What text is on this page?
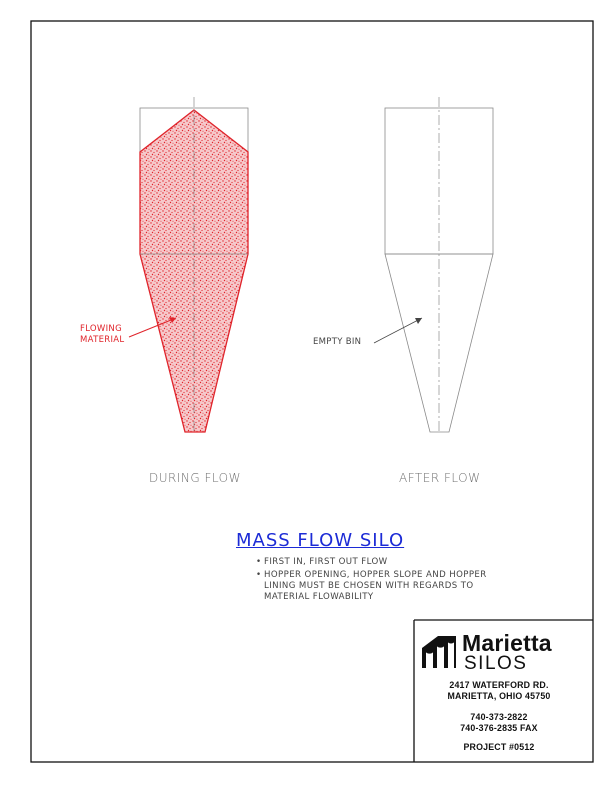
FLOWING
MATERIAL	EMPTY BIN
DURING FLOW	AFTER FLOW
MASS FLOW SILO
• FIRST IN, FIRST OUT FLOW
• HOPPER OPENING, HOPPER SLOPE AND HOPPER
LINING MUST BE CHOSEN WITH REGARDS TO
MATERIAL FLOWABILITY
Marietta
SILOS
2417 WATERFORD RD.
MARIETTA, OHIO 45750
740-373-2822
740-376-2835 FAX
PROJECT #0512
